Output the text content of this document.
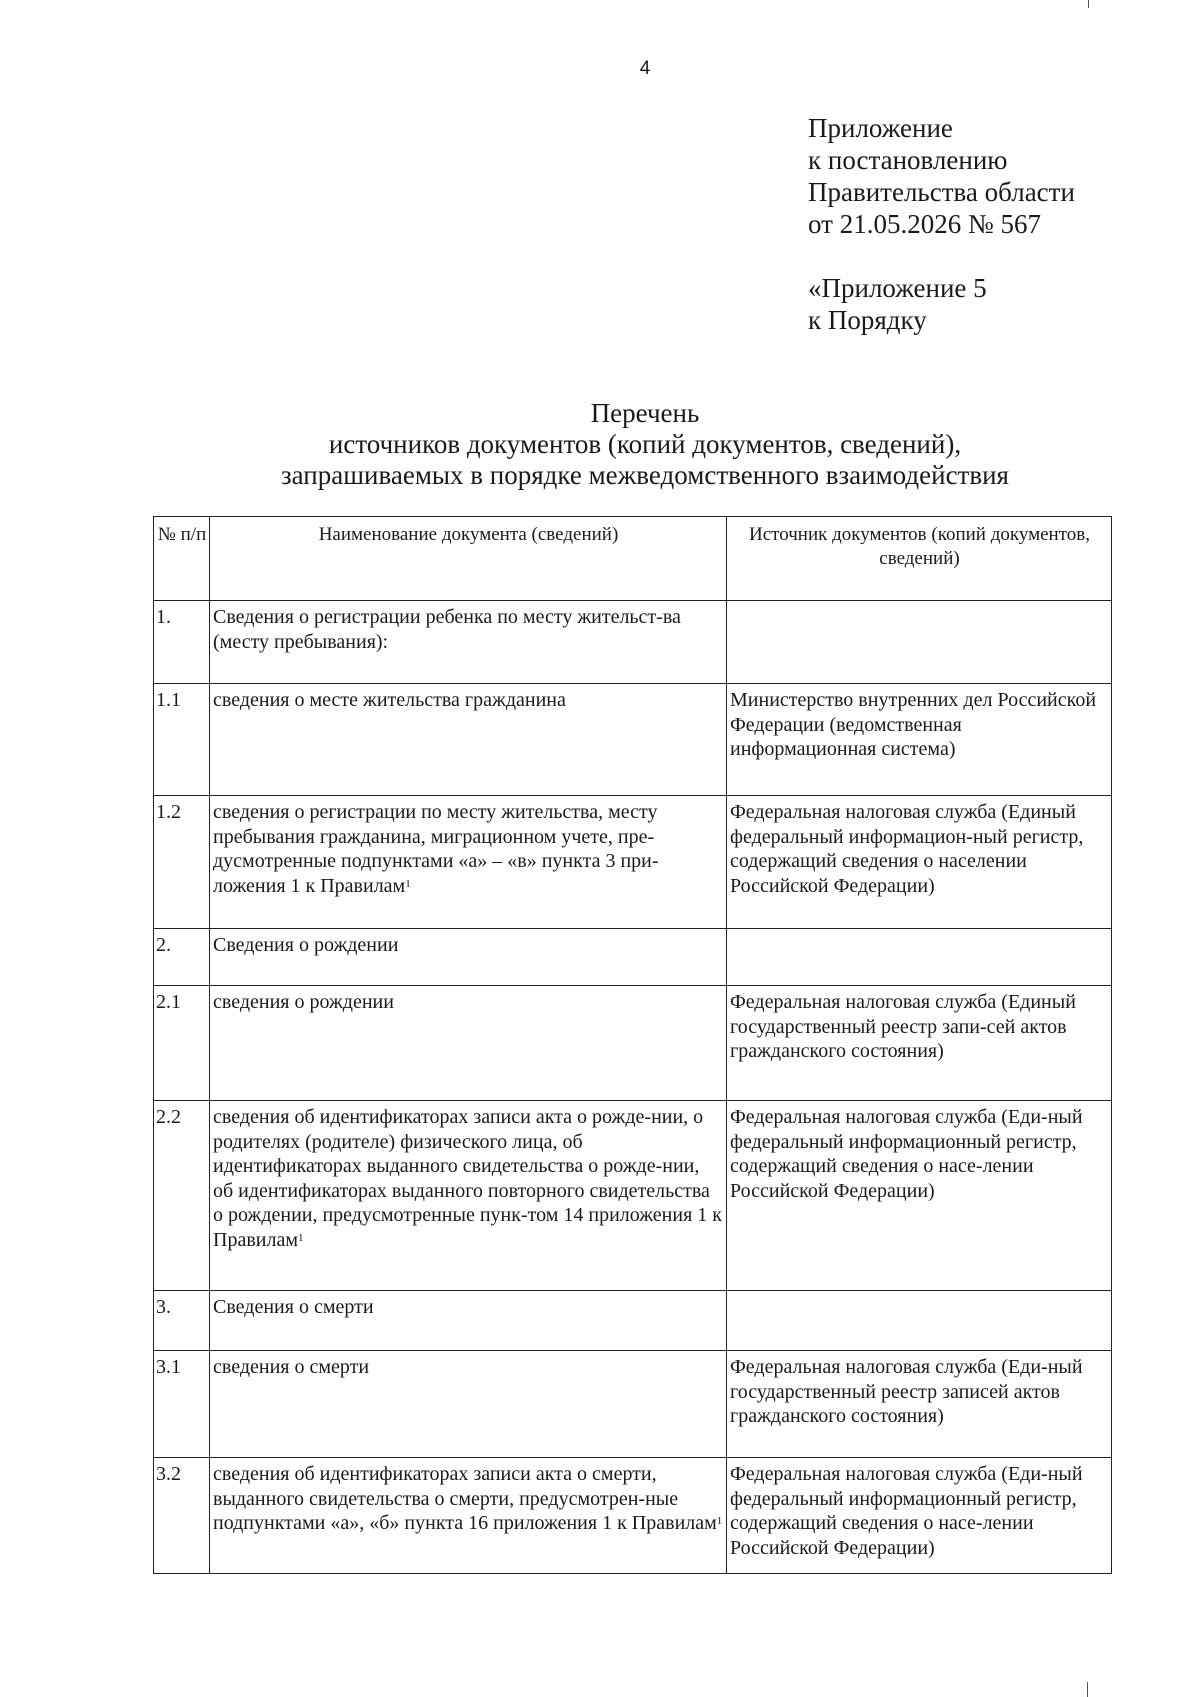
4
Приложение
к постановлению
Правительства области
от 21.05.2026 № 567
«Приложение 5
к Порядку
Перечень
источников документов (копий документов, сведений),
запрашиваемых в порядке межведомственного взаимодействия
№ п/п	Наименование документа (сведений)	Источник документов (копий документов, сведений)
1.	Сведения о регистрации ребенка по месту жительст-ва (месту пребывания):	
1.1	сведения о месте жительства гражданина	Министерство внутренних дел Российской Федерации (ведомственная информационная система)
1.2	сведения о регистрации по месту жительства, месту пребывания гражданина, миграционном учете, пре-дусмотренные подпунктами «а» – «в» пункта 3 при-ложения 1 к Правилам$^1$	Федеральная налоговая служба (Единый федеральный информацион-ный регистр, содержащий сведения о населении Российской Федерации)
2.	Сведения о рождении	
2.1	сведения о рождении	Федеральная налоговая служба (Единый государственный реестр запи-сей актов гражданского состояния)
2.2	сведения об идентификаторах записи акта о рожде-нии, о родителях (родителе) физического лица, об идентификаторах выданного свидетельства о рожде-нии, об идентификаторах выданного повторного свидетельства о рождении, предусмотренные пунк-том 14 приложения 1 к Правилам$^1$	Федеральная налоговая служба (Еди-ный федеральный информационный регистр, содержащий сведения о насе-лении Российской Федерации)
3.	Сведения о смерти	
3.1	сведения о смерти	Федеральная налоговая служба (Еди-ный государственный реестр записей актов гражданского состояния)
3.2	сведения об идентификаторах записи акта о смерти, выданного свидетельства о смерти, предусмотрен-ные подпунктами «а», «б» пункта 16 приложения 1 к Правилам$^1$	Федеральная налоговая служба (Еди-ный федеральный информационный регистр, содержащий сведения о насе-лении Российской Федерации)
